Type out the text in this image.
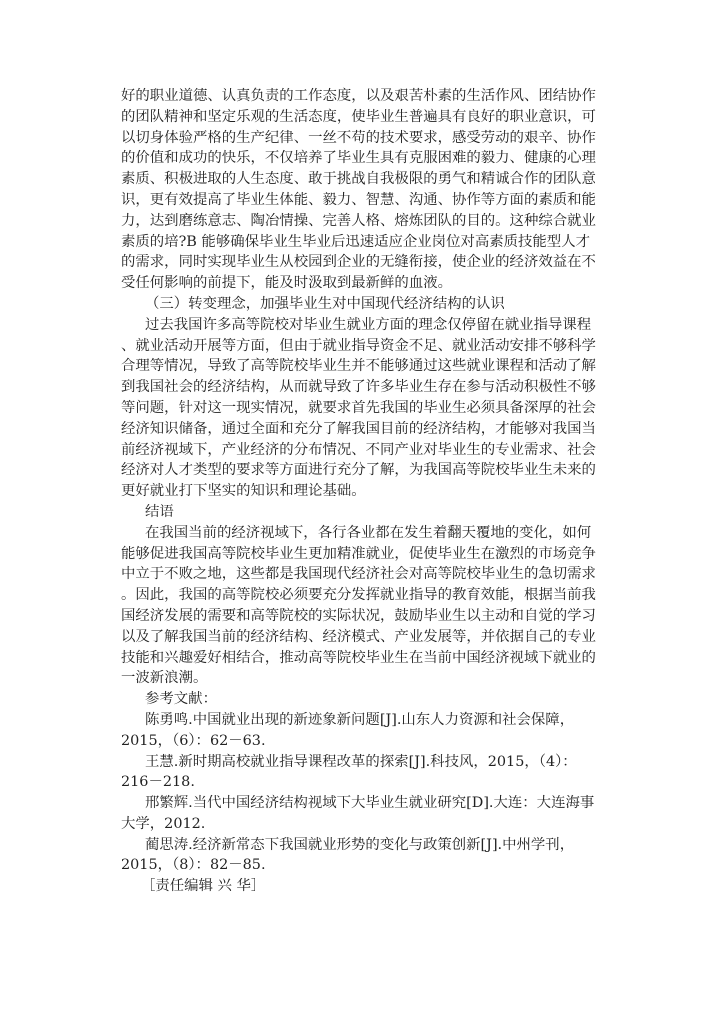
好的职业道德、认真负责的工作态度，以及艰苦朴素的生活作风、团结协作
的团队精神和坚定乐观的生活态度，使毕业生普遍具有良好的职业意识，可
以切身体验严格的生产纪律、一丝不苟的技术要求，感受劳动的艰辛、协作
的价值和成功的快乐，不仅培养了毕业生具有克服困难的毅力、健康的心理
素质、积极进取的人生态度、敢于挑战自我极限的勇气和精诚合作的团队意
识，更有效提高了毕业生体能、毅力、智慧、沟通、协作等方面的素质和能
力，达到磨练意志、陶冶情操、完善人格、熔炼团队的目的。这种综合就业
素质的培?B 能够确保毕业生毕业后迅速适应企业岗位对高素质技能型人才
的需求，同时实现毕业生从校园到企业的无缝衔接，使企业的经济效益在不
受任何影响的前提下，能及时汲取到最新鲜的血液。
（三）转变理念，加强毕业生对中国现代经济结构的认识
过去我国许多高等院校对毕业生就业方面的理念仅停留在就业指导课程
、就业活动开展等方面，但由于就业指导资金不足、就业活动安排不够科学
合理等情况，导致了高等院校毕业生并不能够通过这些就业课程和活动了解
到我国社会的经济结构，从而就导致了许多毕业生存在参与活动积极性不够
等问题，针对这一现实情况，就要求首先我国的毕业生必须具备深厚的社会
经济知识储备，通过全面和充分了解我国目前的经济结构，才能够对我国当
前经济视域下，产业经济的分布情况、不同产业对毕业生的专业需求、社会
经济对人才类型的要求等方面进行充分了解，为我国高等院校毕业生未来的
更好就业打下坚实的知识和理论基础。
结语
在我国当前的经济视域下，各行各业都在发生着翻天覆地的变化，如何
能够促进我国高等院校毕业生更加精准就业，促使毕业生在激烈的市场竞争
中立于不败之地，这些都是我国现代经济社会对高等院校毕业生的急切需求
。因此，我国的高等院校必须要充分发挥就业指导的教育效能，根据当前我
国经济发展的需要和高等院校的实际状况，鼓励毕业生以主动和自觉的学习
以及了解我国当前的经济结构、经济模式、产业发展等，并依据自己的专业
技能和兴趣爱好相结合，推动高等院校毕业生在当前中国经济视域下就业的
一波新浪潮。
参考文献：
陈勇鸣.中国就业出现的新迹象新问题[J].山东人力资源和社会保障，
2015，（6）：62－63.
王慧.新时期高校就业指导课程改革的探索[J].科技风，2015，（4）：
216－218.
邢繁辉.当代中国经济结构视域下大毕业生就业研究[D].大连：大连海事
大学，2012.
蔺思涛.经济新常态下我国就业形势的变化与政策创新[J].中州学刊，
2015，（8）：82－85.
［责任编辑 兴 华］
